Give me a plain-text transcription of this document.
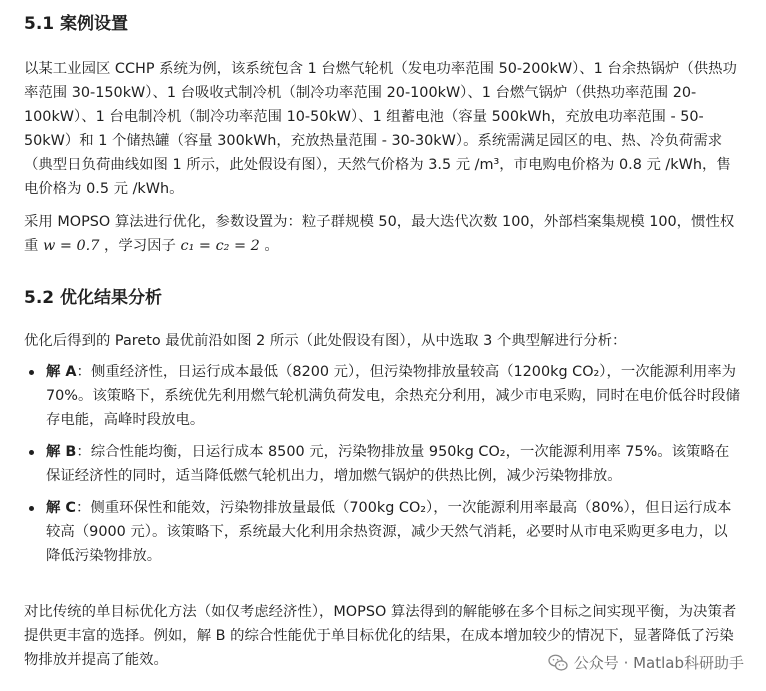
5.1 案例设置

以某工业园区 CCHP 系统为例，该系统包含 1 台燃气轮机（发电功率范围 50-200kW）、1 台余热锅炉（供热功率范围 30-150kW）、1 台吸收式制冷机（制冷功率范围 20-100kW）、1 台燃气锅炉（供热功率范围 20-100kW）、1 台电制冷机（制冷功率范围 10-50kW）、1 组蓄电池（容量 500kWh，充放电功率范围 - 50-50kW）和 1 个储热罐（容量 300kWh，充放热量范围 - 30-30kW）。系统需满足园区的电、热、冷负荷需求（典型日负荷曲线如图 1 所示，此处假设有图），天然气价格为 3.5 元 /m³，市电购电价格为 0.8 元 /kWh，售电价格为 0.5 元 /kWh。

采用 MOPSO 算法进行优化，参数设置为：粒子群规模 50，最大迭代次数 100，外部档案集规模 100，惯性权重 w = 0.7 ，学习因子 c₁ = c₂ = 2 。

5.2 优化结果分析

优化后得到的 Pareto 最优前沿如图 2 所示（此处假设有图），从中选取 3 个典型解进行分析：

解 A：侧重经济性，日运行成本最低（8200 元），但污染物排放量较高（1200kg CO₂），一次能源利用率为 70%。该策略下，系统优先利用燃气轮机满负荷发电，余热充分利用，减少市电采购，同时在电价低谷时段储存电能，高峰时段放电。
解 B：综合性能均衡，日运行成本 8500 元，污染物排放量 950kg CO₂，一次能源利用率 75%。该策略在保证经济性的同时，适当降低燃气轮机出力，增加燃气锅炉的供热比例，减少污染物排放。
解 C：侧重环保性和能效，污染物排放量最低（700kg CO₂），一次能源利用率最高（80%），但日运行成本较高（9000 元）。该策略下，系统最大化利用余热资源，减少天然气消耗，必要时从市电采购更多电力，以降低污染物排放。

对比传统的单目标优化方法（如仅考虑经济性），MOPSO 算法得到的解能够在多个目标之间实现平衡，为决策者提供更丰富的选择。例如，解 B 的综合性能优于单目标优化的结果，在成本增加较少的情况下，显著降低了污染物排放并提高了能效。	公众号 · Matlab科研助手
